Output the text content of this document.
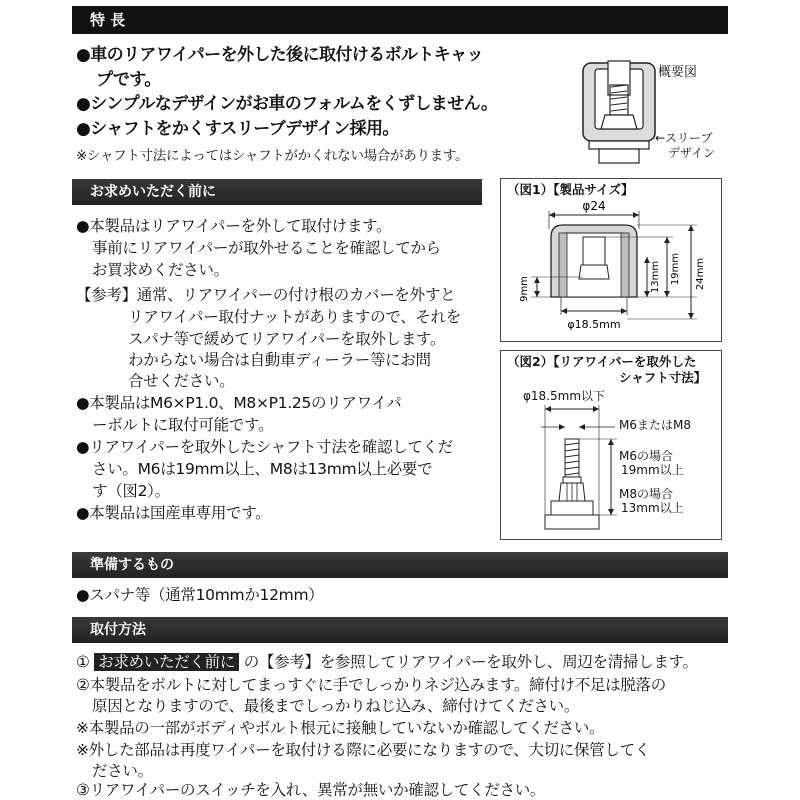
特 長
●車のリアワイパーを外した後に取付けるボルトキャッ
プです。
●シンプルなデザインがお車のフォルムをくずしません。
●シャフトをかくすスリーブデザイン採用。
※シャフト寸法によってはシャフトがかくれない場合があります。
概要図
←スリーブ
デザイン
お求めいただく前に
●本製品はリアワイパーを外して取付けます。
事前にリアワイパーが取外せることを確認してから
お買求めください。
【参考】通常、リアワイパーの付け根のカバーを外すと
リアワイパー取付ナットがありますので、それを
スパナ等で緩めてリアワイパーを取外します。
わからない場合は自動車ディーラー等にお問
合せください。
●本製品はM6×P1.0、M8×P1.25のリアワイパ
ーボルトに取付可能です。
●リアワイパーを取外したシャフト寸法を確認してくだ
さい。M6は19mm以上、M8は13mm以上必要で
す（図2）。
●本製品は国産車専用です。
（図1）【製品サイズ】
φ24
φ18.5mm
9mm	13mm 19mm 24mm
（図2）【リアワイパーを取外した
シャフト寸法】
φ18.5mm以下
M6またはM8
M6の場合
19mm以上
M8の場合
13mm以上
準備するもの
●スパナ等（通常10mmか12mm）
取付方法
① お求めいただく前に の【参考】を参照してリアワイパーを取外し、周辺を清掃します。
②本製品をボルトに対してまっすぐに手でしっかりネジ込みます。締付け不足は脱落の
原因となりますので、最後までしっかりねじ込み、締付けてください。
※本製品の一部がボディやボルト根元に接触していないか確認してください。
※外した部品は再度ワイパーを取付ける際に必要になりますので、大切に保管してく
ださい。
③リアワイパーのスイッチを入れ、異常が無いか確認してください。
